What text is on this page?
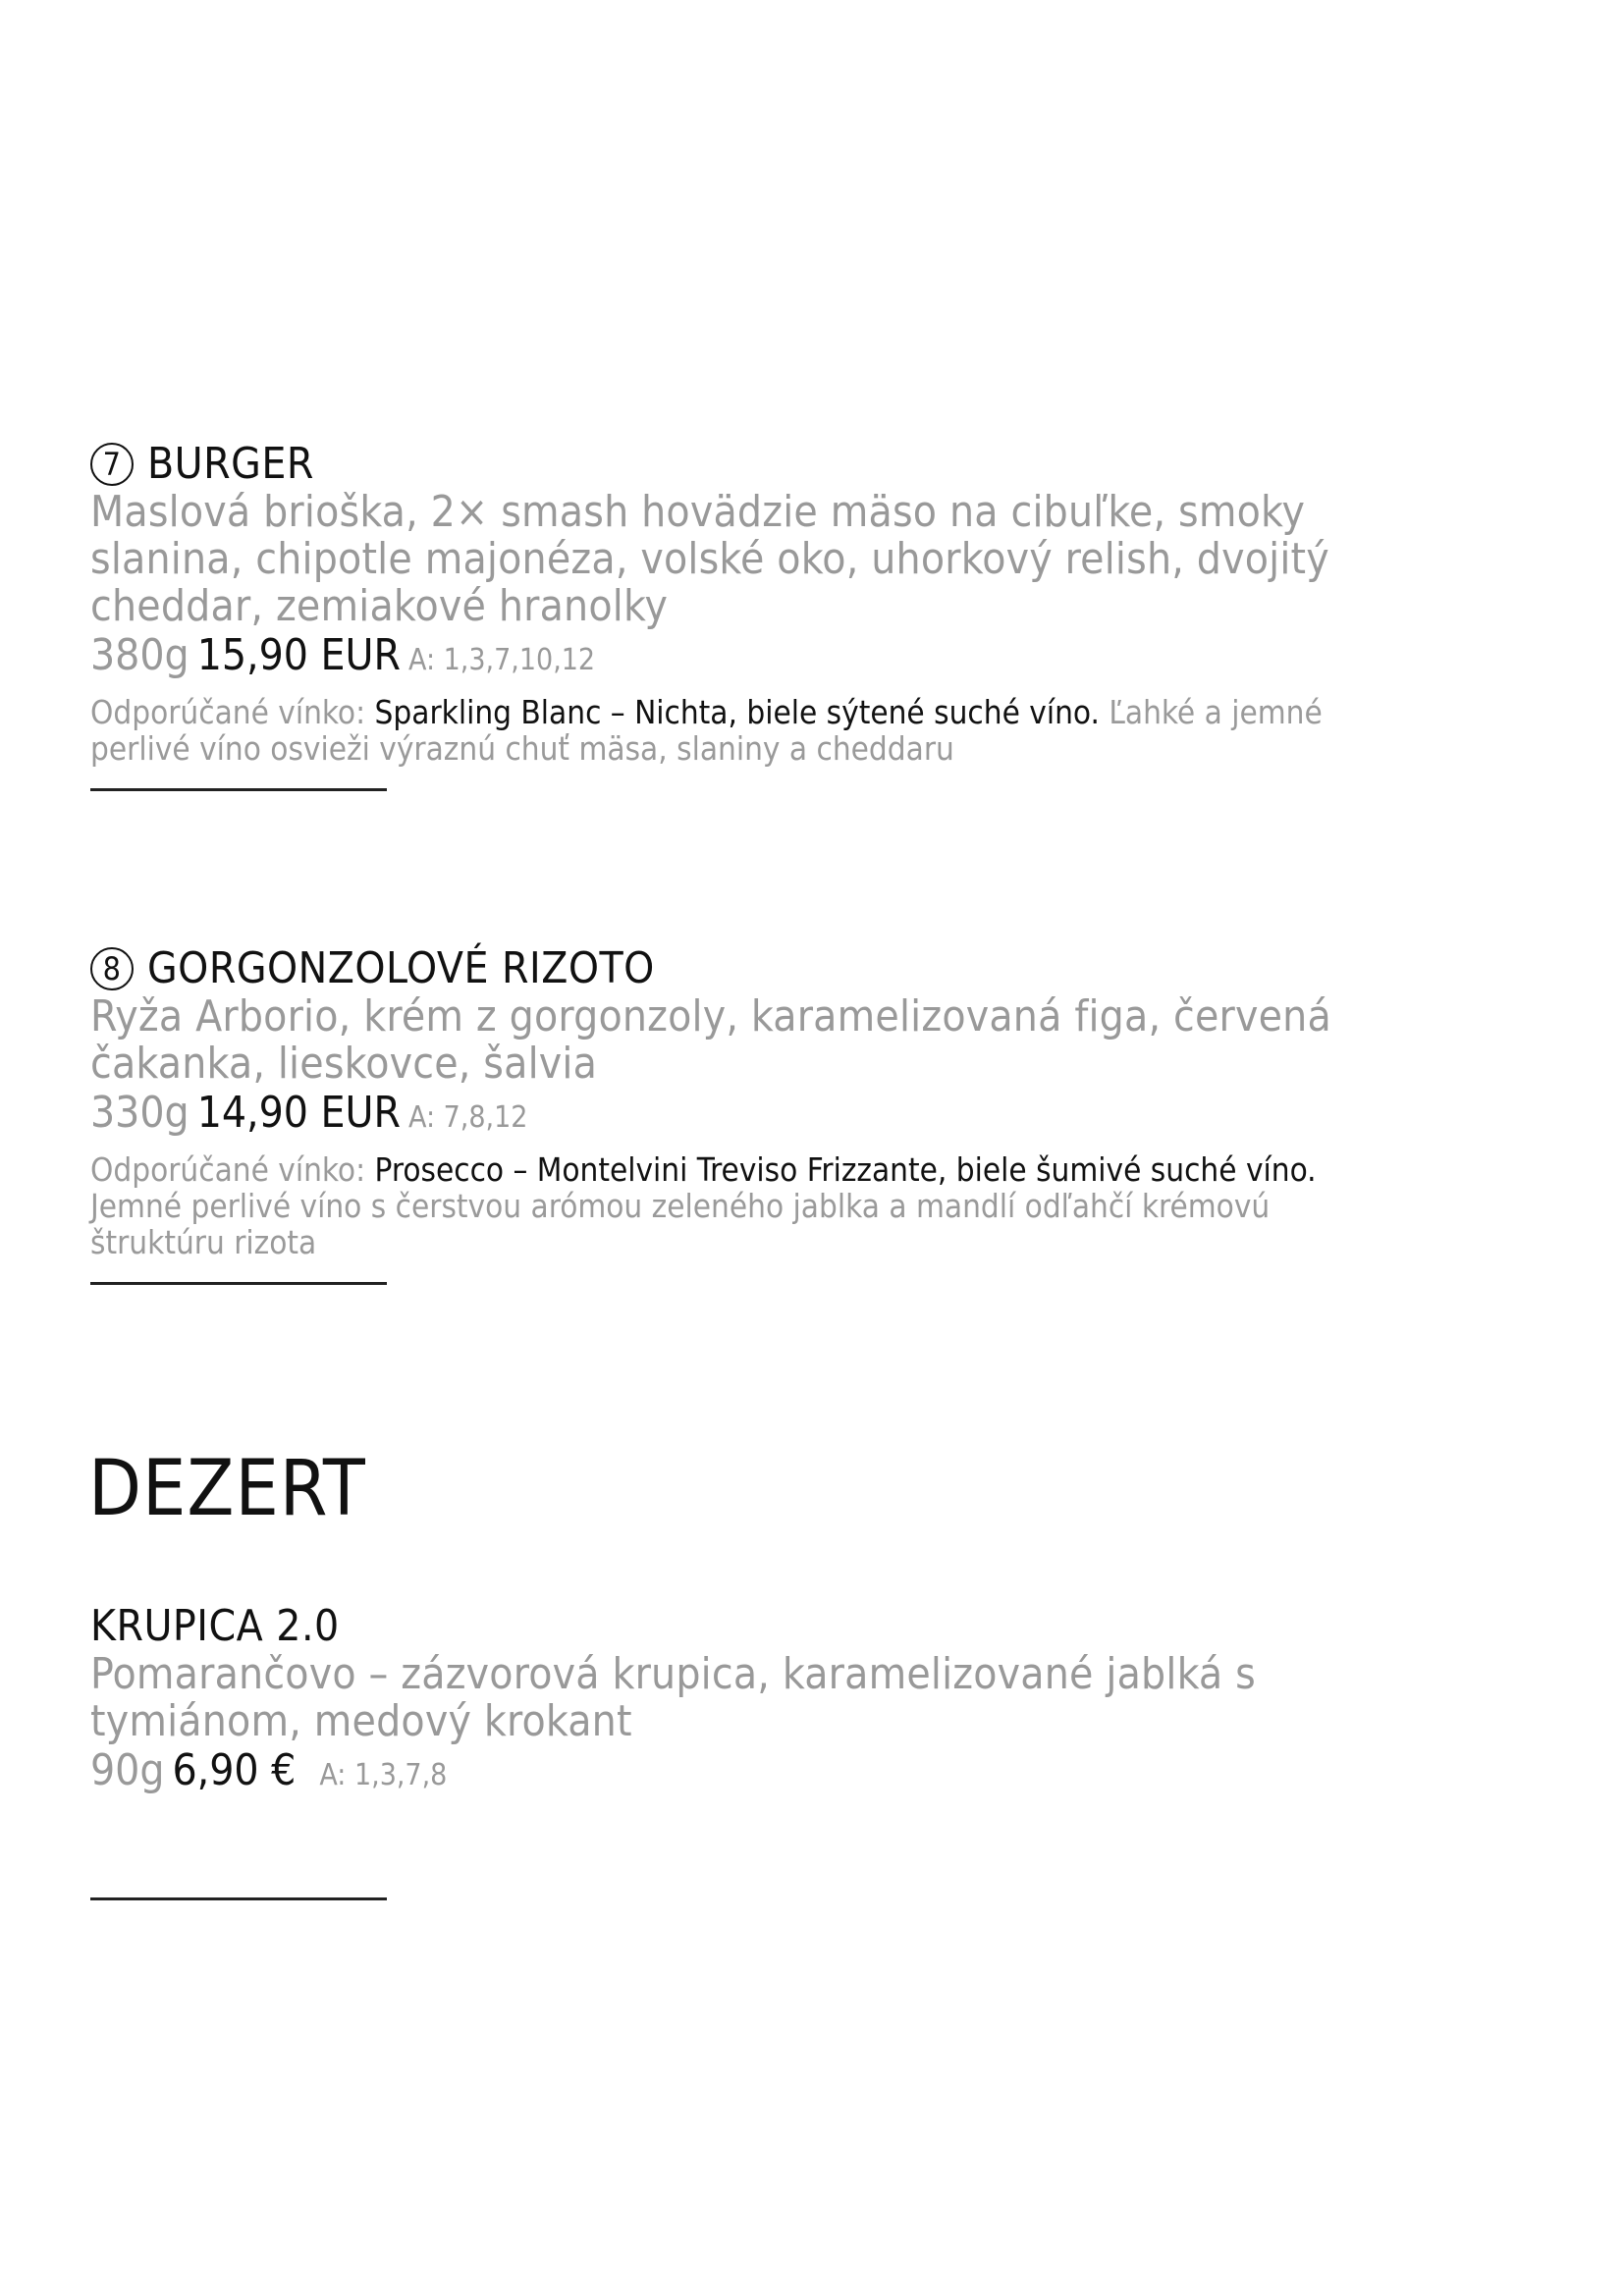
7 BURGER
Maslová brioška, 2× smash hovädzie mäso na cibuľke, smoky slanina, chipotle majonéza, volské oko, uhorkový relish, dvojitý cheddar, zemiakové hranolky
380g 15,90 EUR A: 1,3,7,10,12
Odporúčané vínko: Sparkling Blanc – Nichta, biele sýtené suché víno. Ľahké a jemné perlivé víno osvieži výraznú chuť mäsa, slaniny a cheddaru
8 GORGONZOLOVÉ RIZOTO
Ryža Arborio, krém z gorgonzoly, karamelizovaná figa, červená čakanka, lieskovce, šalvia
330g 14,90 EUR A: 7,8,12
Odporúčané vínko: Prosecco – Montelvini Treviso Frizzante, biele šumivé suché víno. Jemné perlivé víno s čerstvou arómou zeleného jablka a mandlí odľahčí krémovú štruktúru rizota
DEZERT
KRUPICA 2.0
Pomarančovo – zázvorová krupica, karamelizované jablká s tymiánom, medový krokant
90g 6,90 € A: 1,3,7,8
